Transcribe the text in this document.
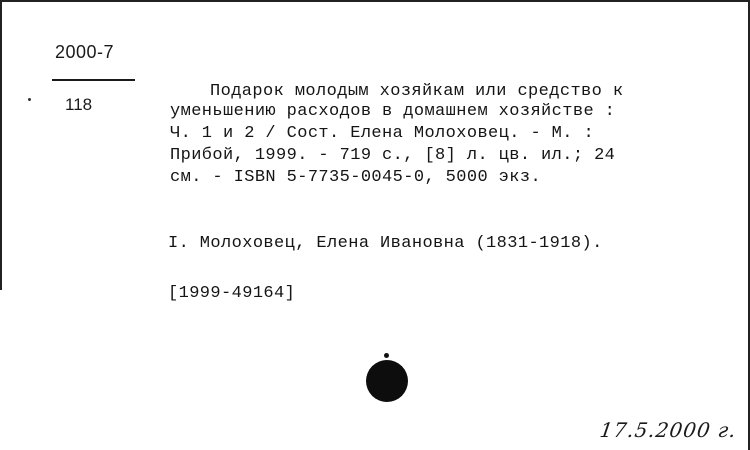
2000-7
118
Подарок молодым хозяйкам или средство к
уменьшению расходов в домашнем хозяйстве :
Ч. 1 и 2 / Сост. Елена Молоховец. - М. :
Прибой, 1999. - 719 с., [8] л. цв. ил.; 24
см. - ISBN 5-7735-0045-0, 5000 экз.
I. Молоховец, Елена Ивановна (1831-1918).
[1999-49164]
17.5.2000 г.
